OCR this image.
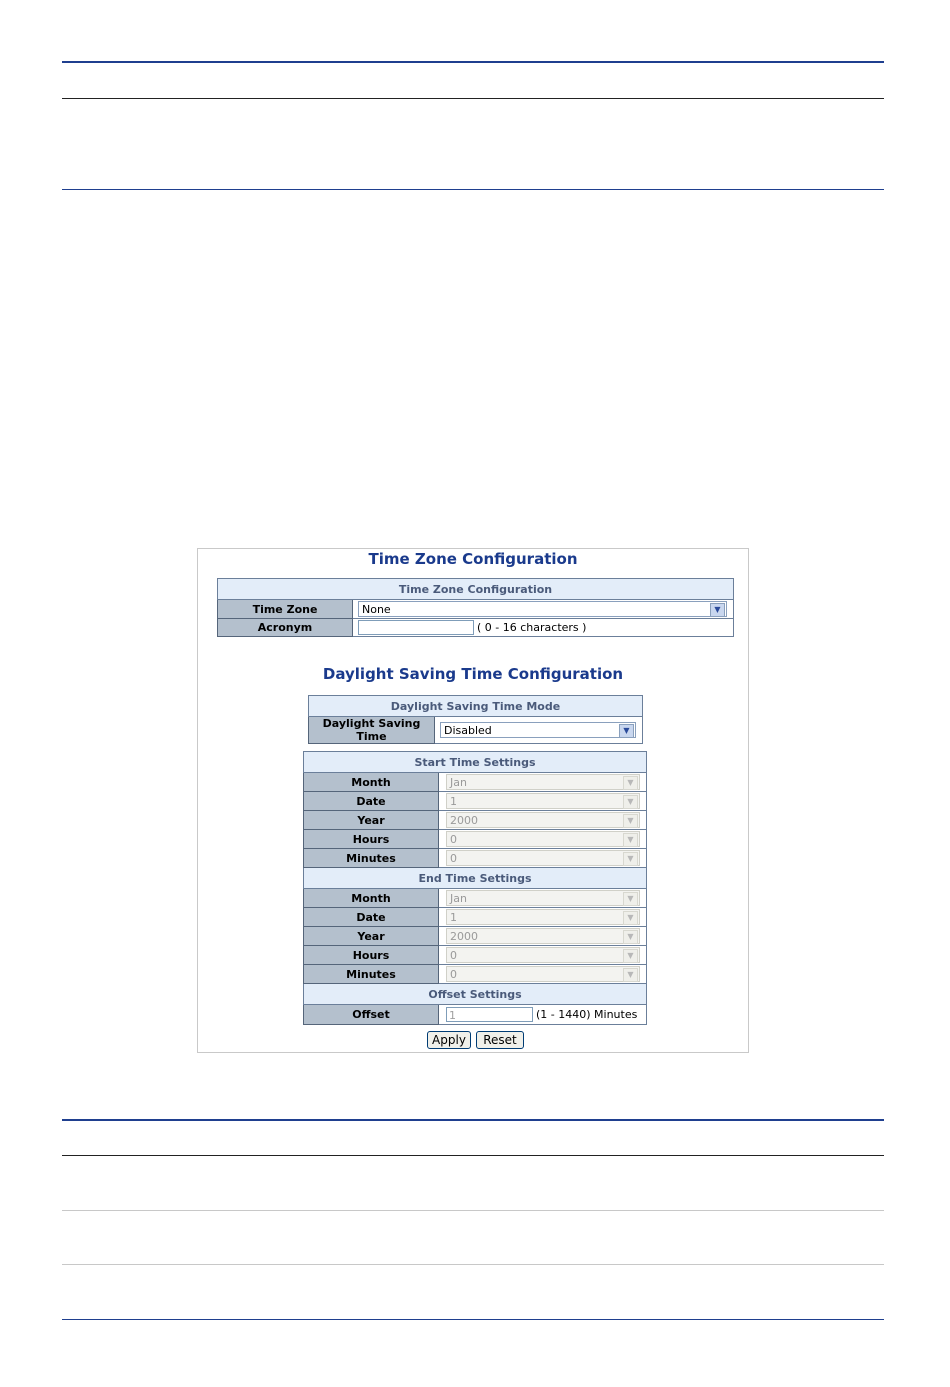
Time Zone Configuration
Time Zone Configuration	
Time Zone	None ▼

Acronym	( 0 - 16 characters )
Daylight Saving Time Configuration
Daylight Saving Time Mode
Daylight Saving Time	Disabled	▼
Start Time Settings	
Month	Jan ▼

Date	1 ▼

Year	2000 ▼

Hours	0 ▼

Minutes	0 ▼

End Time Settings	
Month	Jan ▼

Date	1 ▼

Year	2000 ▼

Hours	0 ▼

Minutes	0 ▼

Offset Settings	
Offset	1 (1 - 1440) Minutes
Apply	Reset
